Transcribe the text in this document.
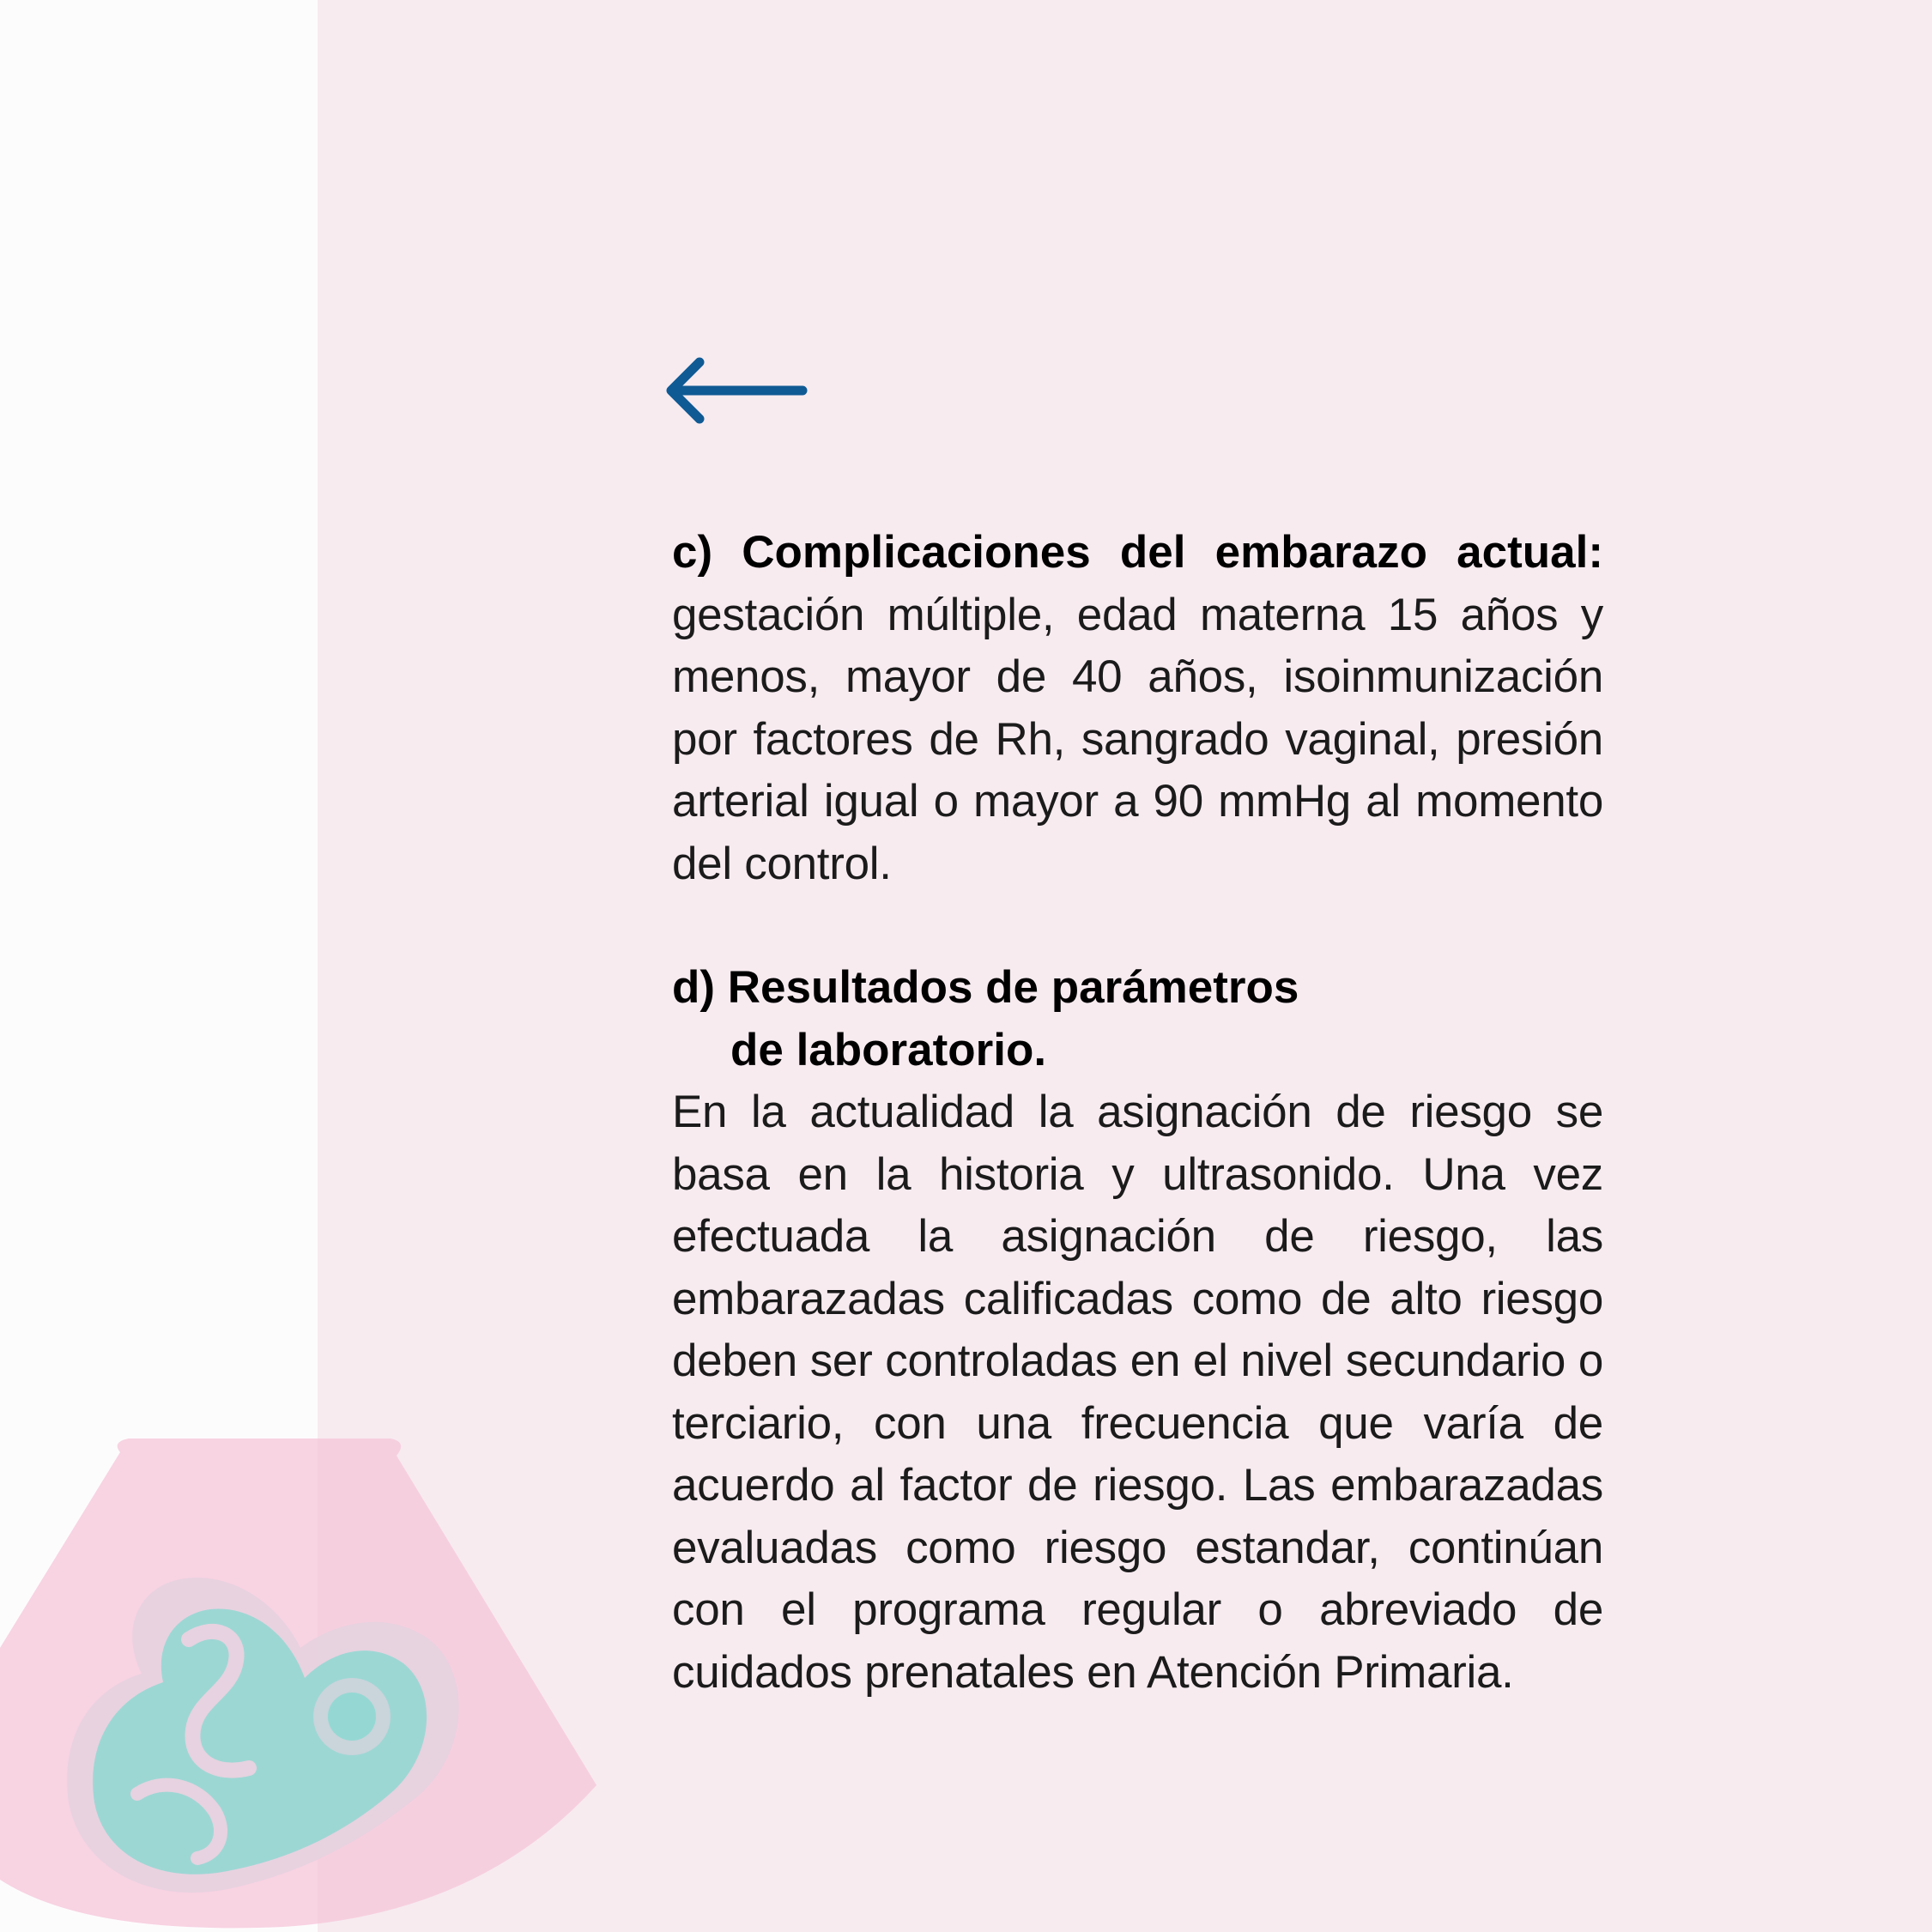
c) Complicaciones del embarazo actual: gestación múltiple, edad materna 15 años y menos, mayor de 40 años, isoinmunización por factores de Rh, sangrado vaginal, presión arterial igual o mayor a 90 mmHg al momento del control.

d) Resultados de parámetros
de laboratorio.

En la actualidad la asignación de riesgo se basa en la historia y ultrasonido. Una vez efectuada la asignación de riesgo, las embarazadas calificadas como de alto riesgo deben ser controladas en el nivel secundario o terciario, con una frecuencia que varía de acuerdo al factor de riesgo. Las embarazadas evaluadas como riesgo estandar, continúan con el programa regular o abreviado de cuidados prenatales en Atención Primaria.
